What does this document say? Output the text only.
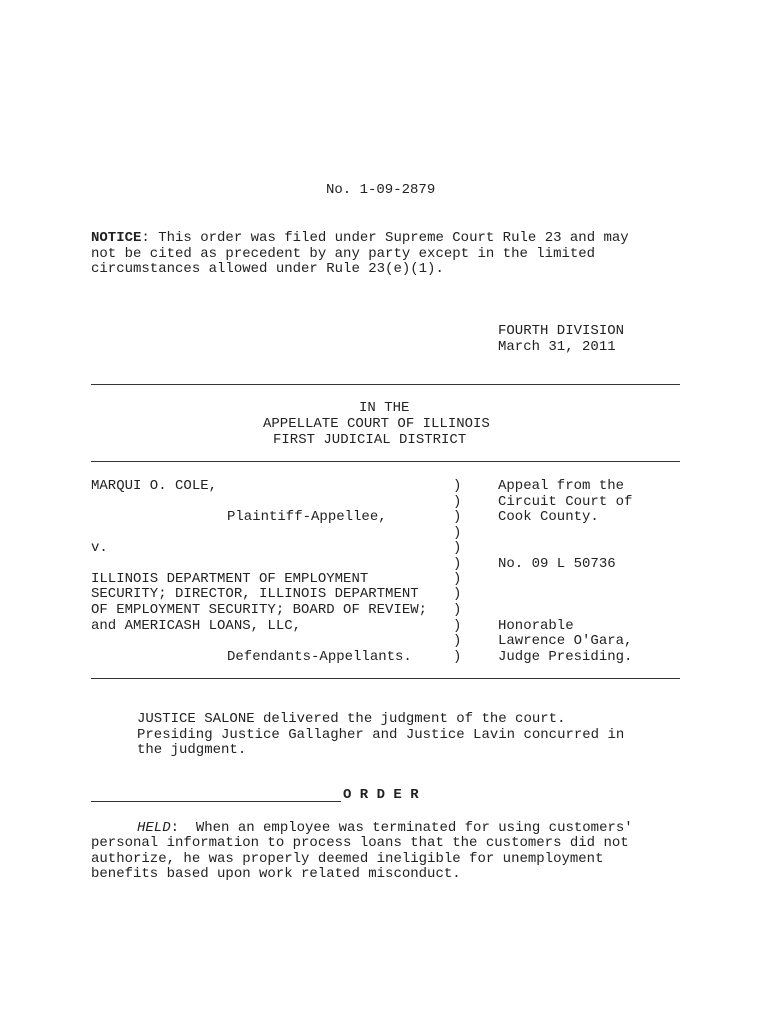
No. 1-09-2879
NOTICE: This order was filed under Supreme Court Rule 23 and may
not be cited as precedent by any party except in the limited
circumstances allowed under Rule 23(e)(1).
FOURTH DIVISION
March 31, 2011
IN THE
APPELLATE COURT OF ILLINOIS
FIRST JUDICIAL DISTRICT
MARQUI O. COLE,
Plaintiff-Appellee,
v.
ILLINOIS DEPARTMENT OF EMPLOYMENT
SECURITY; DIRECTOR, ILLINOIS DEPARTMENT
OF EMPLOYMENT SECURITY; BOARD OF REVIEW;
and AMERICASH LOANS, LLC,
Defendants-Appellants.
)
)
)
)
)
)
)
)
)
)
)
)
Appeal from the
Circuit Court of
Cook County.
No. 09 L 50736
Honorable
Lawrence O'Gara,
Judge Presiding.
JUSTICE SALONE delivered the judgment of the court.
Presiding Justice Gallagher and Justice Lavin concurred in
the judgment.
O R D E R
HELD:  When an employee was terminated for using customers'
personal information to process loans that the customers did not
authorize, he was properly deemed ineligible for unemployment
benefits based upon work related misconduct.
